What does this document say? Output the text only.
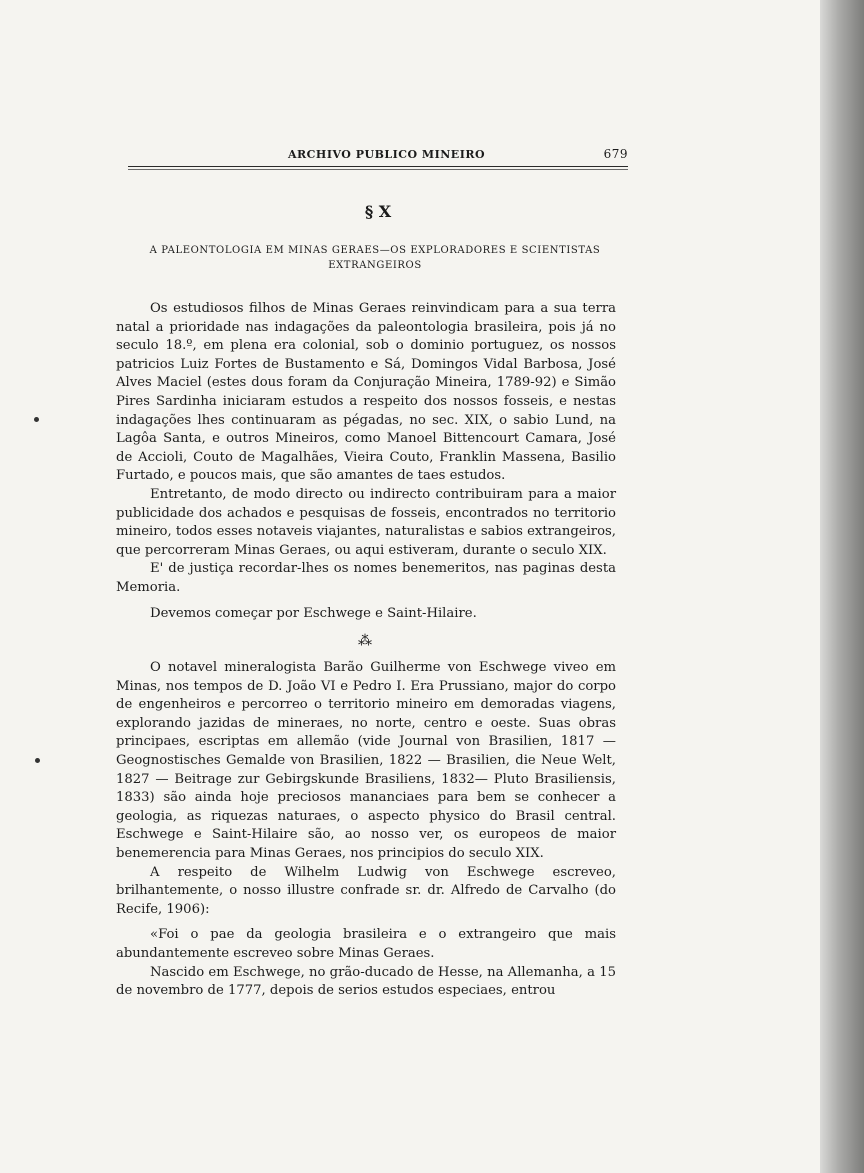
ARCHIVO PUBLICO MINEIRO	679
§ X
A PALEONTOLOGIA EM MINAS GERAES—OS EXPLORADORES E SCIENTISTAS
EXTRANGEIROS

Os estudiosos filhos de Minas Geraes reinvindicam para a sua terra natal a prioridade nas indagações da paleontologia brasileira, pois já no seculo 18.º, em plena era colonial, sob o dominio portuguez, os nossos patricios Luiz Fortes de Bustamento e Sá, Domingos Vidal Barbosa, José Alves Maciel (estes dous foram da Conjuração Mineira, 1789-92) e Simão Pires Sardinha iniciaram estudos a respeito dos nossos fosseis, e nestas indagações lhes continuaram as pégadas, no sec. XIX, o sabio Lund, na Lagôa Santa, e outros Mineiros, como Manoel Bittencourt Camara, José de Accioli, Couto de Magalhães, Vieira Couto, Franklin Massena, Basilio Furtado, e poucos mais, que são amantes de taes estudos.

Entretanto, de modo directo ou indirecto contribuiram para a maior publicidade dos achados e pesquisas de fosseis, encontrados no territorio mineiro, todos esses notaveis viajantes, naturalistas e sabios extrangeiros, que percorreram Minas Geraes, ou aqui estiveram, durante o seculo XIX.

E' de justiça recordar-lhes os nomes benemeritos, nas paginas desta Memoria.

Devemos começar por Eschwege e Saint-Hilaire.

⁂

O notavel mineralogista Barão Guilherme von Eschwege viveo em Minas, nos tempos de D. João VI e Pedro I. Era Prussiano, major do corpo de engenheiros e percorreo o territorio mineiro em demoradas viagens, explorando jazidas de mineraes, no norte, centro e oeste. Suas obras principaes, escriptas em allemão (vide Journal von Brasilien, 1817 — Geognostisches Gemalde von Brasilien, 1822 — Brasilien, die Neue Welt, 1827 — Beitrage zur Gebirgskunde Brasiliens, 1832— Pluto Brasiliensis, 1833) são ainda hoje preciosos mananciaes para bem se conhecer a geologia, as riquezas naturaes, o aspecto physico do Brasil central. Eschwege e Saint-Hilaire são, ao nosso ver, os europeos de maior benemerencia para Minas Geraes, nos principios do seculo XIX.

A respeito de Wilhelm Ludwig von Eschwege escreveo, brilhantemente, o nosso illustre confrade sr. dr. Alfredo de Carvalho (do Recife, 1906):

«Foi o pae da geologia brasileira e o extrangeiro que mais abundantemente escreveo sobre Minas Geraes.

Nascido em Eschwege, no grão-ducado de Hesse, na Allemanha, a 15 de novembro de 1777, depois de serios estudos especiaes, entrou
